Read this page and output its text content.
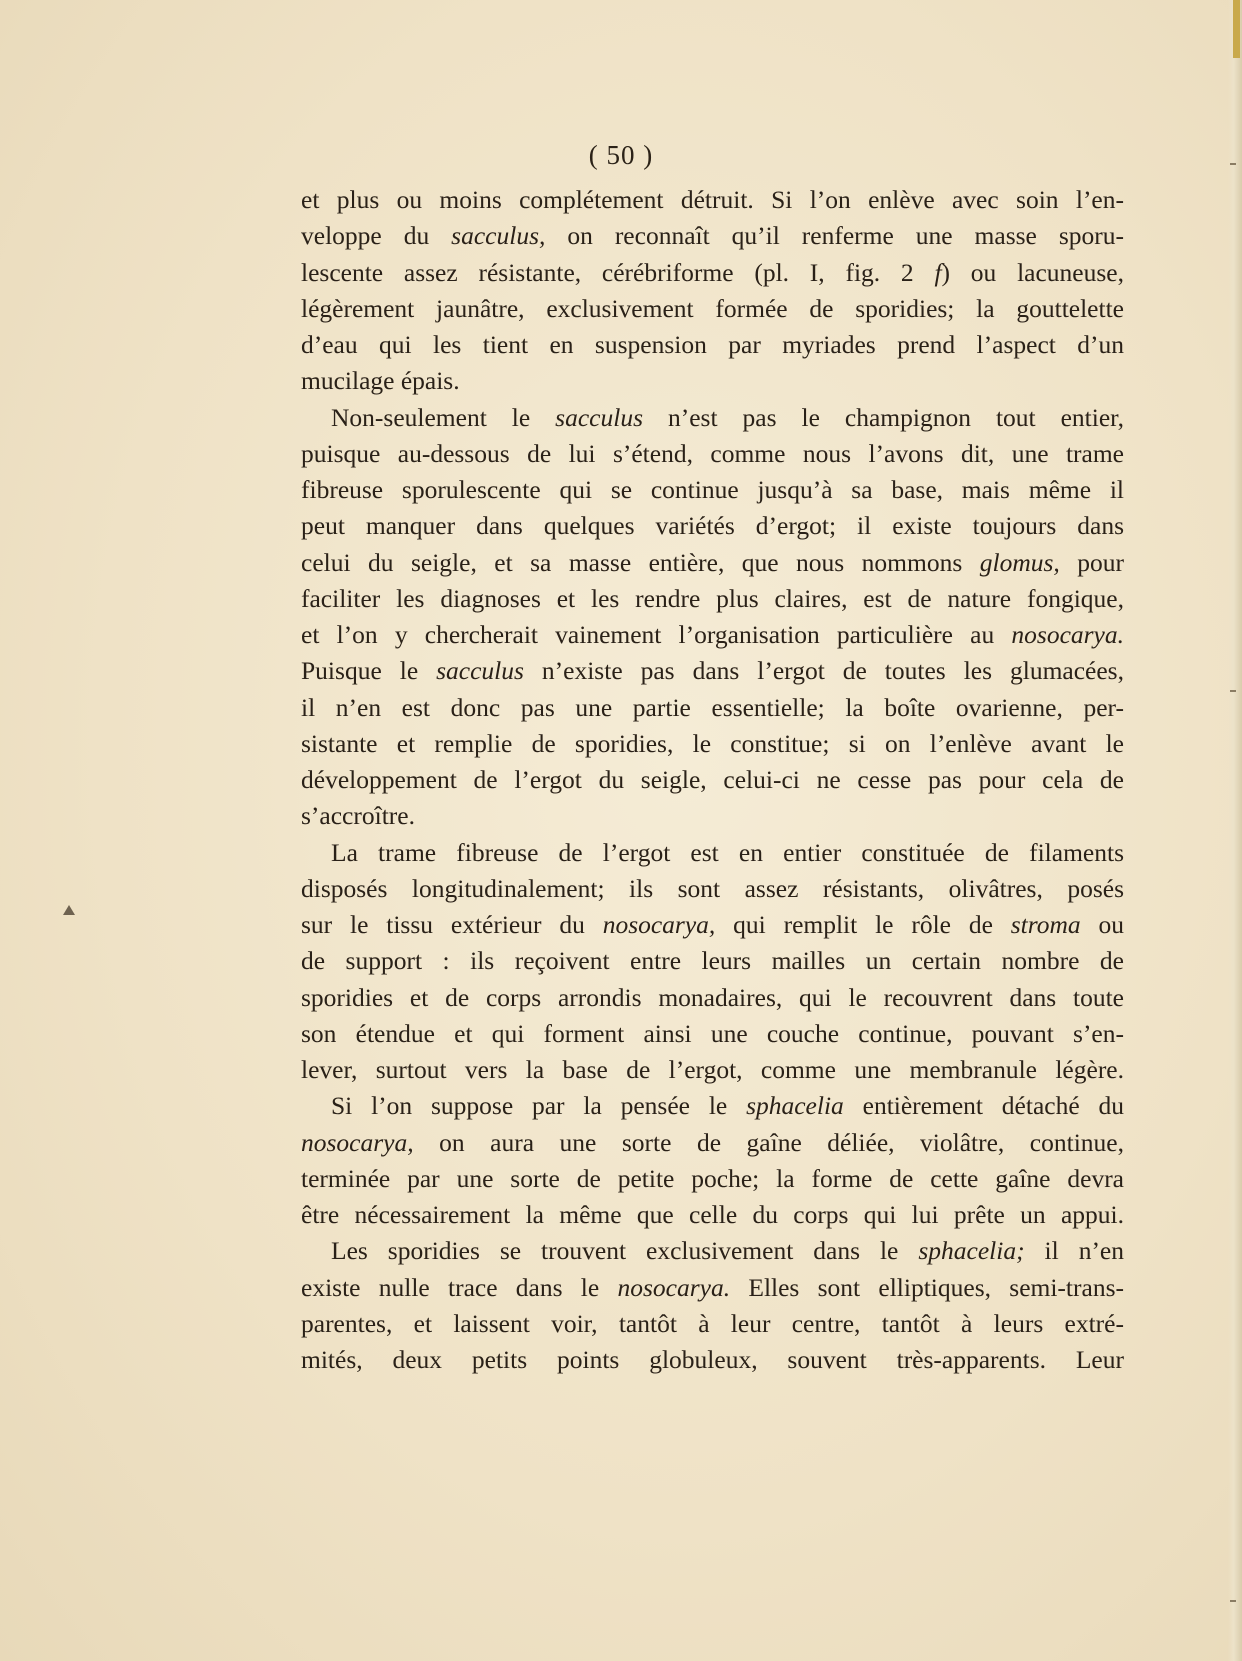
( 50 )
et plus ou moins complétement détruit. Si l’on enlève avec soin l’en-
veloppe du sacculus, on reconnaît qu’il renferme une masse sporu-
lescente assez résistante, cérébriforme (pl. I, fig. 2 f) ou lacuneuse,
légèrement jaunâtre, exclusivement formée de sporidies; la gouttelette
d’eau qui les tient en suspension par myriades prend l’aspect d’un
mucilage épais.
Non-seulement le sacculus n’est pas le champignon tout entier,
puisque au-dessous de lui s’étend, comme nous l’avons dit, une trame
fibreuse sporulescente qui se continue jusqu’à sa base, mais même il
peut manquer dans quelques variétés d’ergot; il existe toujours dans
celui du seigle, et sa masse entière, que nous nommons glomus, pour
faciliter les diagnoses et les rendre plus claires, est de nature fongique,
et l’on y chercherait vainement l’organisation particulière au nosocarya.
Puisque le sacculus n’existe pas dans l’ergot de toutes les glumacées,
il n’en est donc pas une partie essentielle; la boîte ovarienne, per-
sistante et remplie de sporidies, le constitue; si on l’enlève avant le
développement de l’ergot du seigle, celui-ci ne cesse pas pour cela de
s’accroître.
La trame fibreuse de l’ergot est en entier constituée de filaments
disposés longitudinalement; ils sont assez résistants, olivâtres, posés
sur le tissu extérieur du nosocarya, qui remplit le rôle de stroma ou
de support : ils reçoivent entre leurs mailles un certain nombre de
sporidies et de corps arrondis monadaires, qui le recouvrent dans toute
son étendue et qui forment ainsi une couche continue, pouvant s’en-
lever, surtout vers la base de l’ergot, comme une membranule légère.
Si l’on suppose par la pensée le sphacelia entièrement détaché du
nosocarya, on aura une sorte de gaîne déliée, violâtre, continue,
terminée par une sorte de petite poche; la forme de cette gaîne devra
être nécessairement la même que celle du corps qui lui prête un appui.
Les sporidies se trouvent exclusivement dans le sphacelia; il n’en
existe nulle trace dans le nosocarya. Elles sont elliptiques, semi-trans-
parentes, et laissent voir, tantôt à leur centre, tantôt à leurs extré-
mités, deux petits points globuleux, souvent très-apparents. Leur
